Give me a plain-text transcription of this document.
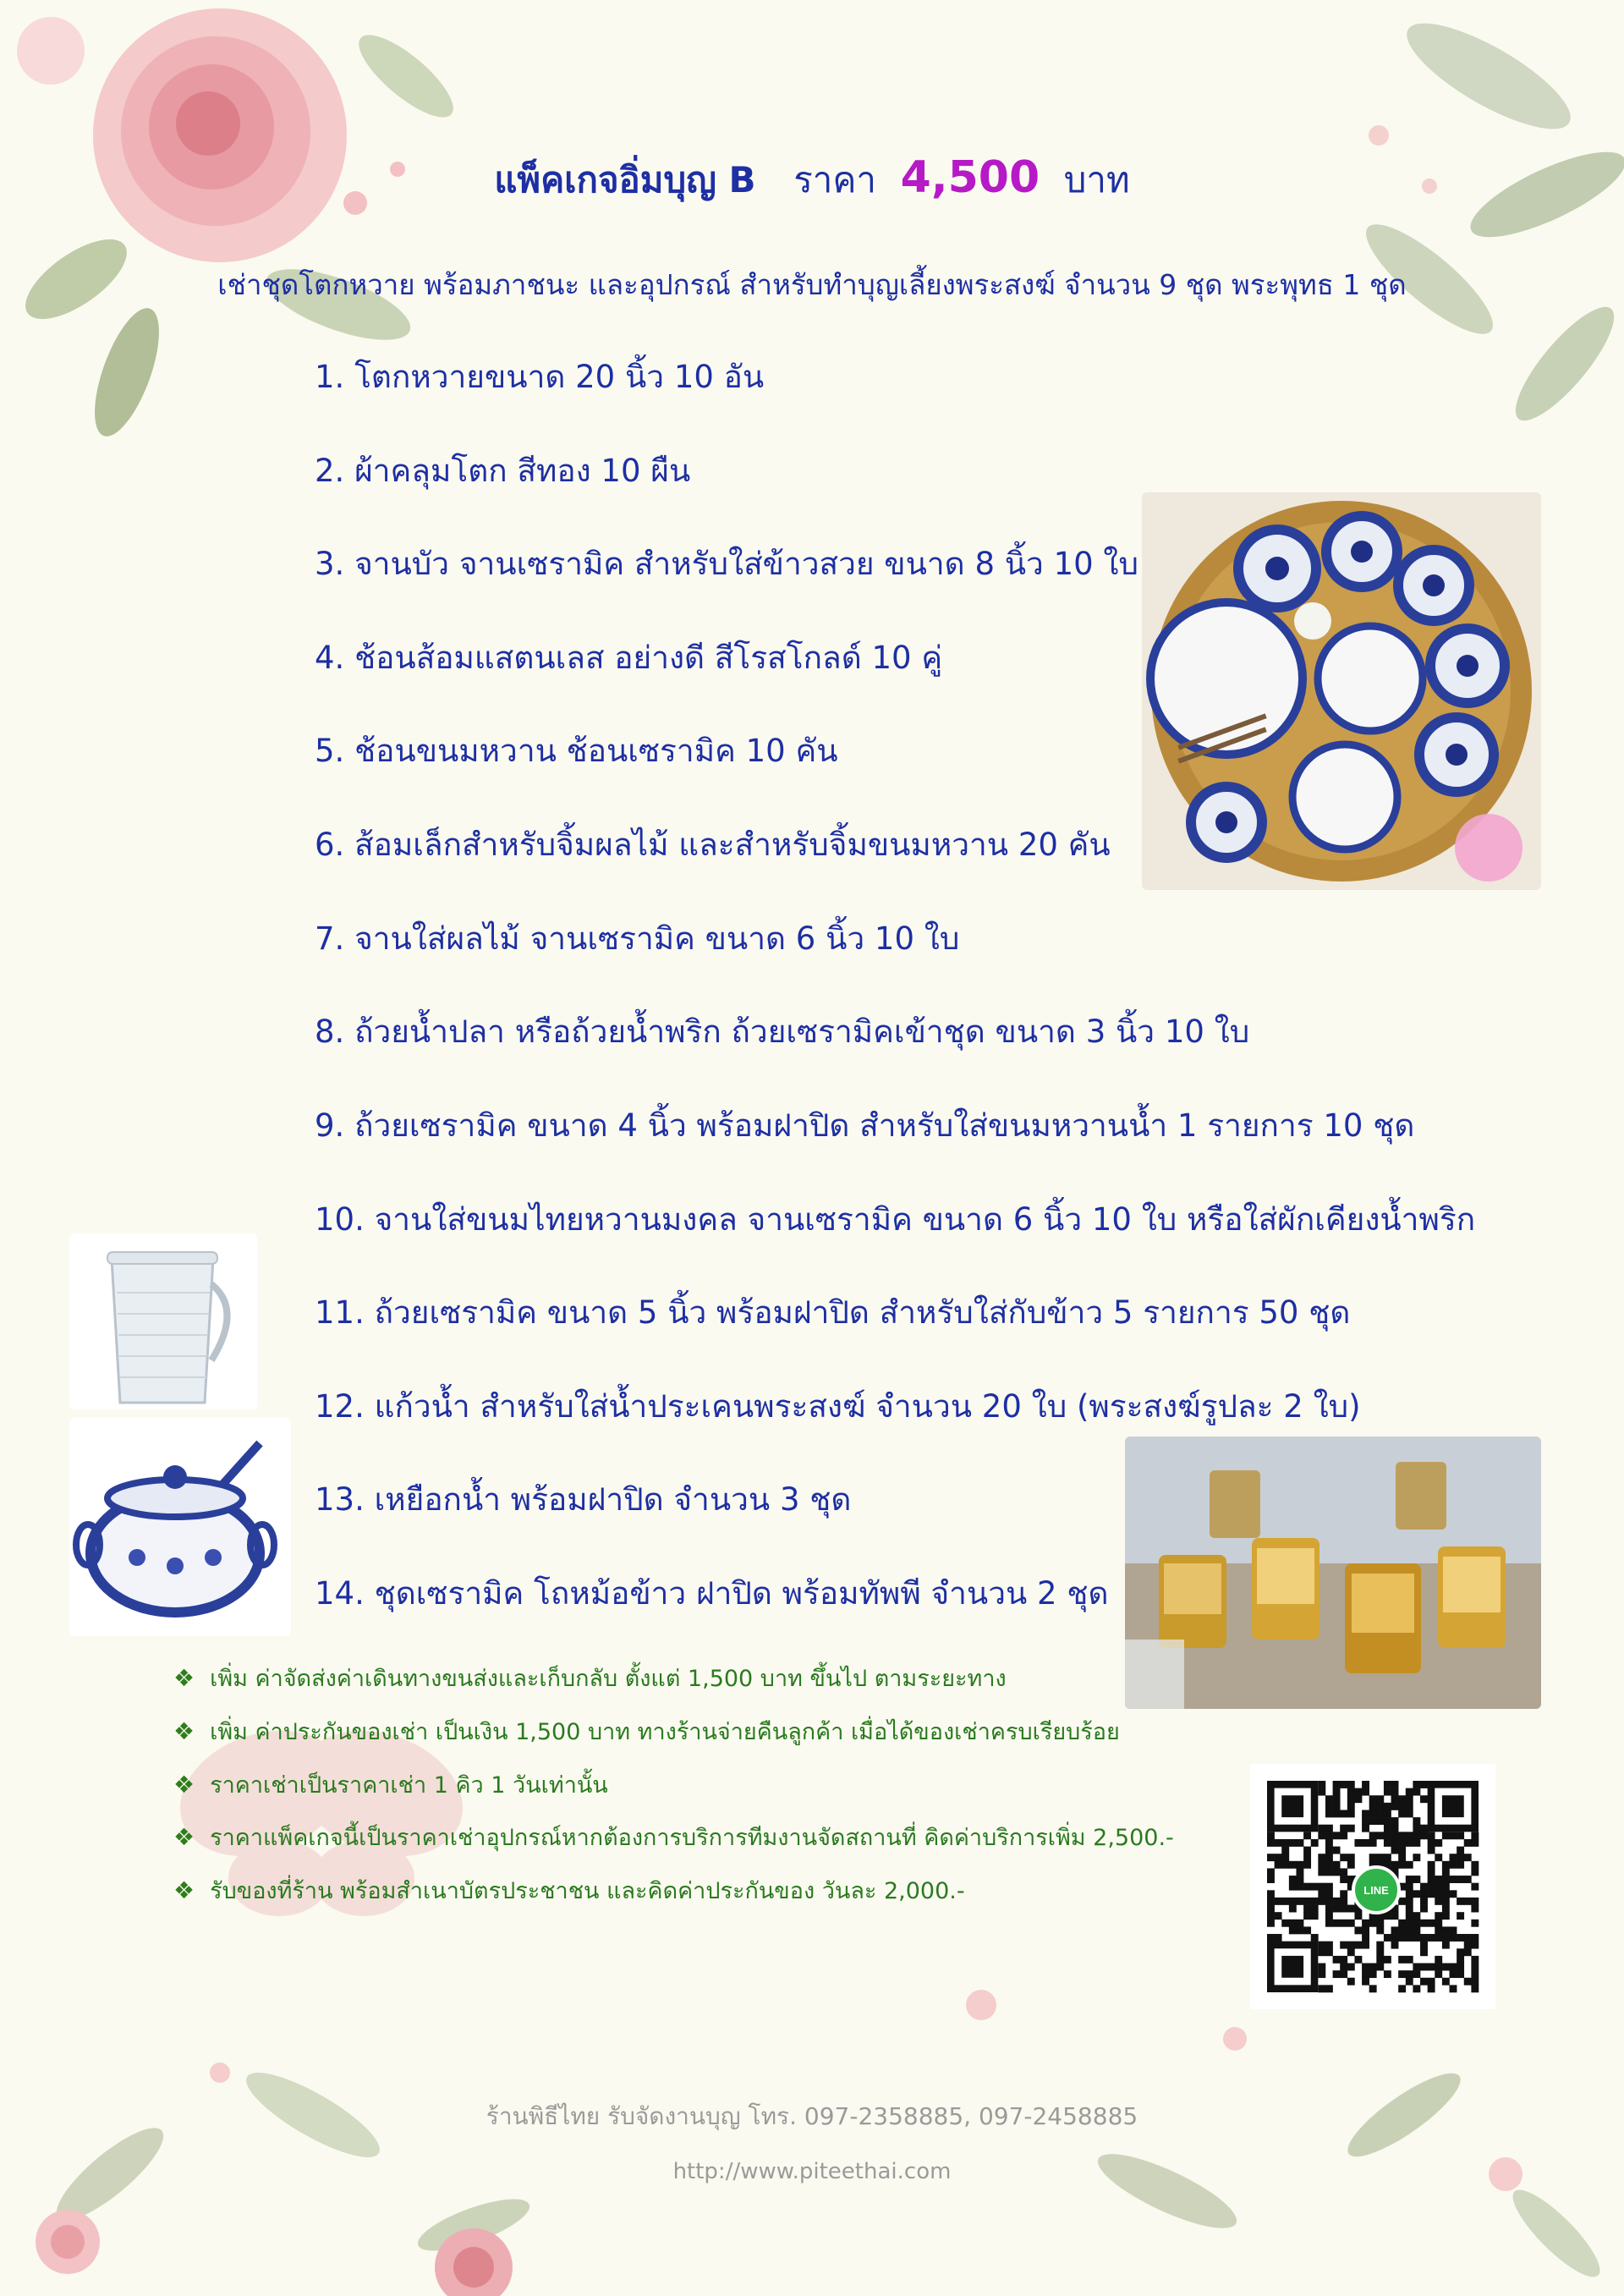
แพ็คเกจอิ่มบุญ B ราคา 4,500 บาท
เช่าชุดโตกหวาย พร้อมภาชนะ และอุปกรณ์ สำหรับทำบุญเลี้ยงพระสงฆ์ จำนวน 9 ชุด พระพุทธ 1 ชุด
1. โตกหวายขนาด 20 นิ้ว 10 อัน
2. ผ้าคลุมโตก สีทอง 10 ผืน
3. จานบัว จานเซรามิค สำหรับใส่ข้าวสวย ขนาด 8 นิ้ว 10 ใบ
4. ช้อนส้อมแสตนเลส อย่างดี สีโรสโกลด์ 10 คู่
5. ช้อนขนมหวาน ช้อนเซรามิค 10 คัน
6. ส้อมเล็กสำหรับจิ้มผลไม้ และสำหรับจิ้มขนมหวาน 20 คัน
7. จานใส่ผลไม้ จานเซรามิค ขนาด 6 นิ้ว 10 ใบ
8. ถ้วยน้ำปลา หรือถ้วยน้ำพริก ถ้วยเซรามิคเข้าชุด ขนาด 3 นิ้ว 10 ใบ
9. ถ้วยเซรามิค ขนาด 4 นิ้ว พร้อมฝาปิด สำหรับใส่ขนมหวานน้ำ 1 รายการ 10 ชุด
10. จานใส่ขนมไทยหวานมงคล จานเซรามิค ขนาด 6 นิ้ว 10 ใบ หรือใส่ผักเคียงน้ำพริก
11. ถ้วยเซรามิค ขนาด 5 นิ้ว พร้อมฝาปิด สำหรับใส่กับข้าว 5 รายการ 50 ชุด
12. แก้วน้ำ สำหรับใส่น้ำประเคนพระสงฆ์ จำนวน 20 ใบ (พระสงฆ์รูปละ 2 ใบ)
13. เหยือกน้ำ พร้อมฝาปิด จำนวน 3 ชุด
14. ชุดเซรามิค โถหม้อข้าว ฝาปิด พร้อมทัพพี จำนวน 2 ชุด
❖ เพิ่ม ค่าจัดส่งค่าเดินทางขนส่งและเก็บกลับ ตั้งแต่ 1,500 บาท ขึ้นไป ตามระยะทาง
❖ เพิ่ม ค่าประกันของเช่า เป็นเงิน 1,500 บาท ทางร้านจ่ายคืนลูกค้า เมื่อได้ของเช่าครบเรียบร้อย
❖ ราคาเช่าเป็นราคาเช่า 1 คิว 1 วันเท่านั้น
❖ ราคาแพ็คเกจนี้เป็นราคาเช่าอุปกรณ์หากต้องการบริการทีมงานจัดสถานที่ คิดค่าบริการเพิ่ม 2,500.-
❖ รับของที่ร้าน พร้อมสำเนาบัตรประชาชน และคิดค่าประกันของ วันละ 2,000.-	LINE
ร้านพิธีไทย รับจัดงานบุญ โทร. 097-2358885, 097-2458885
http://www.piteethai.com
